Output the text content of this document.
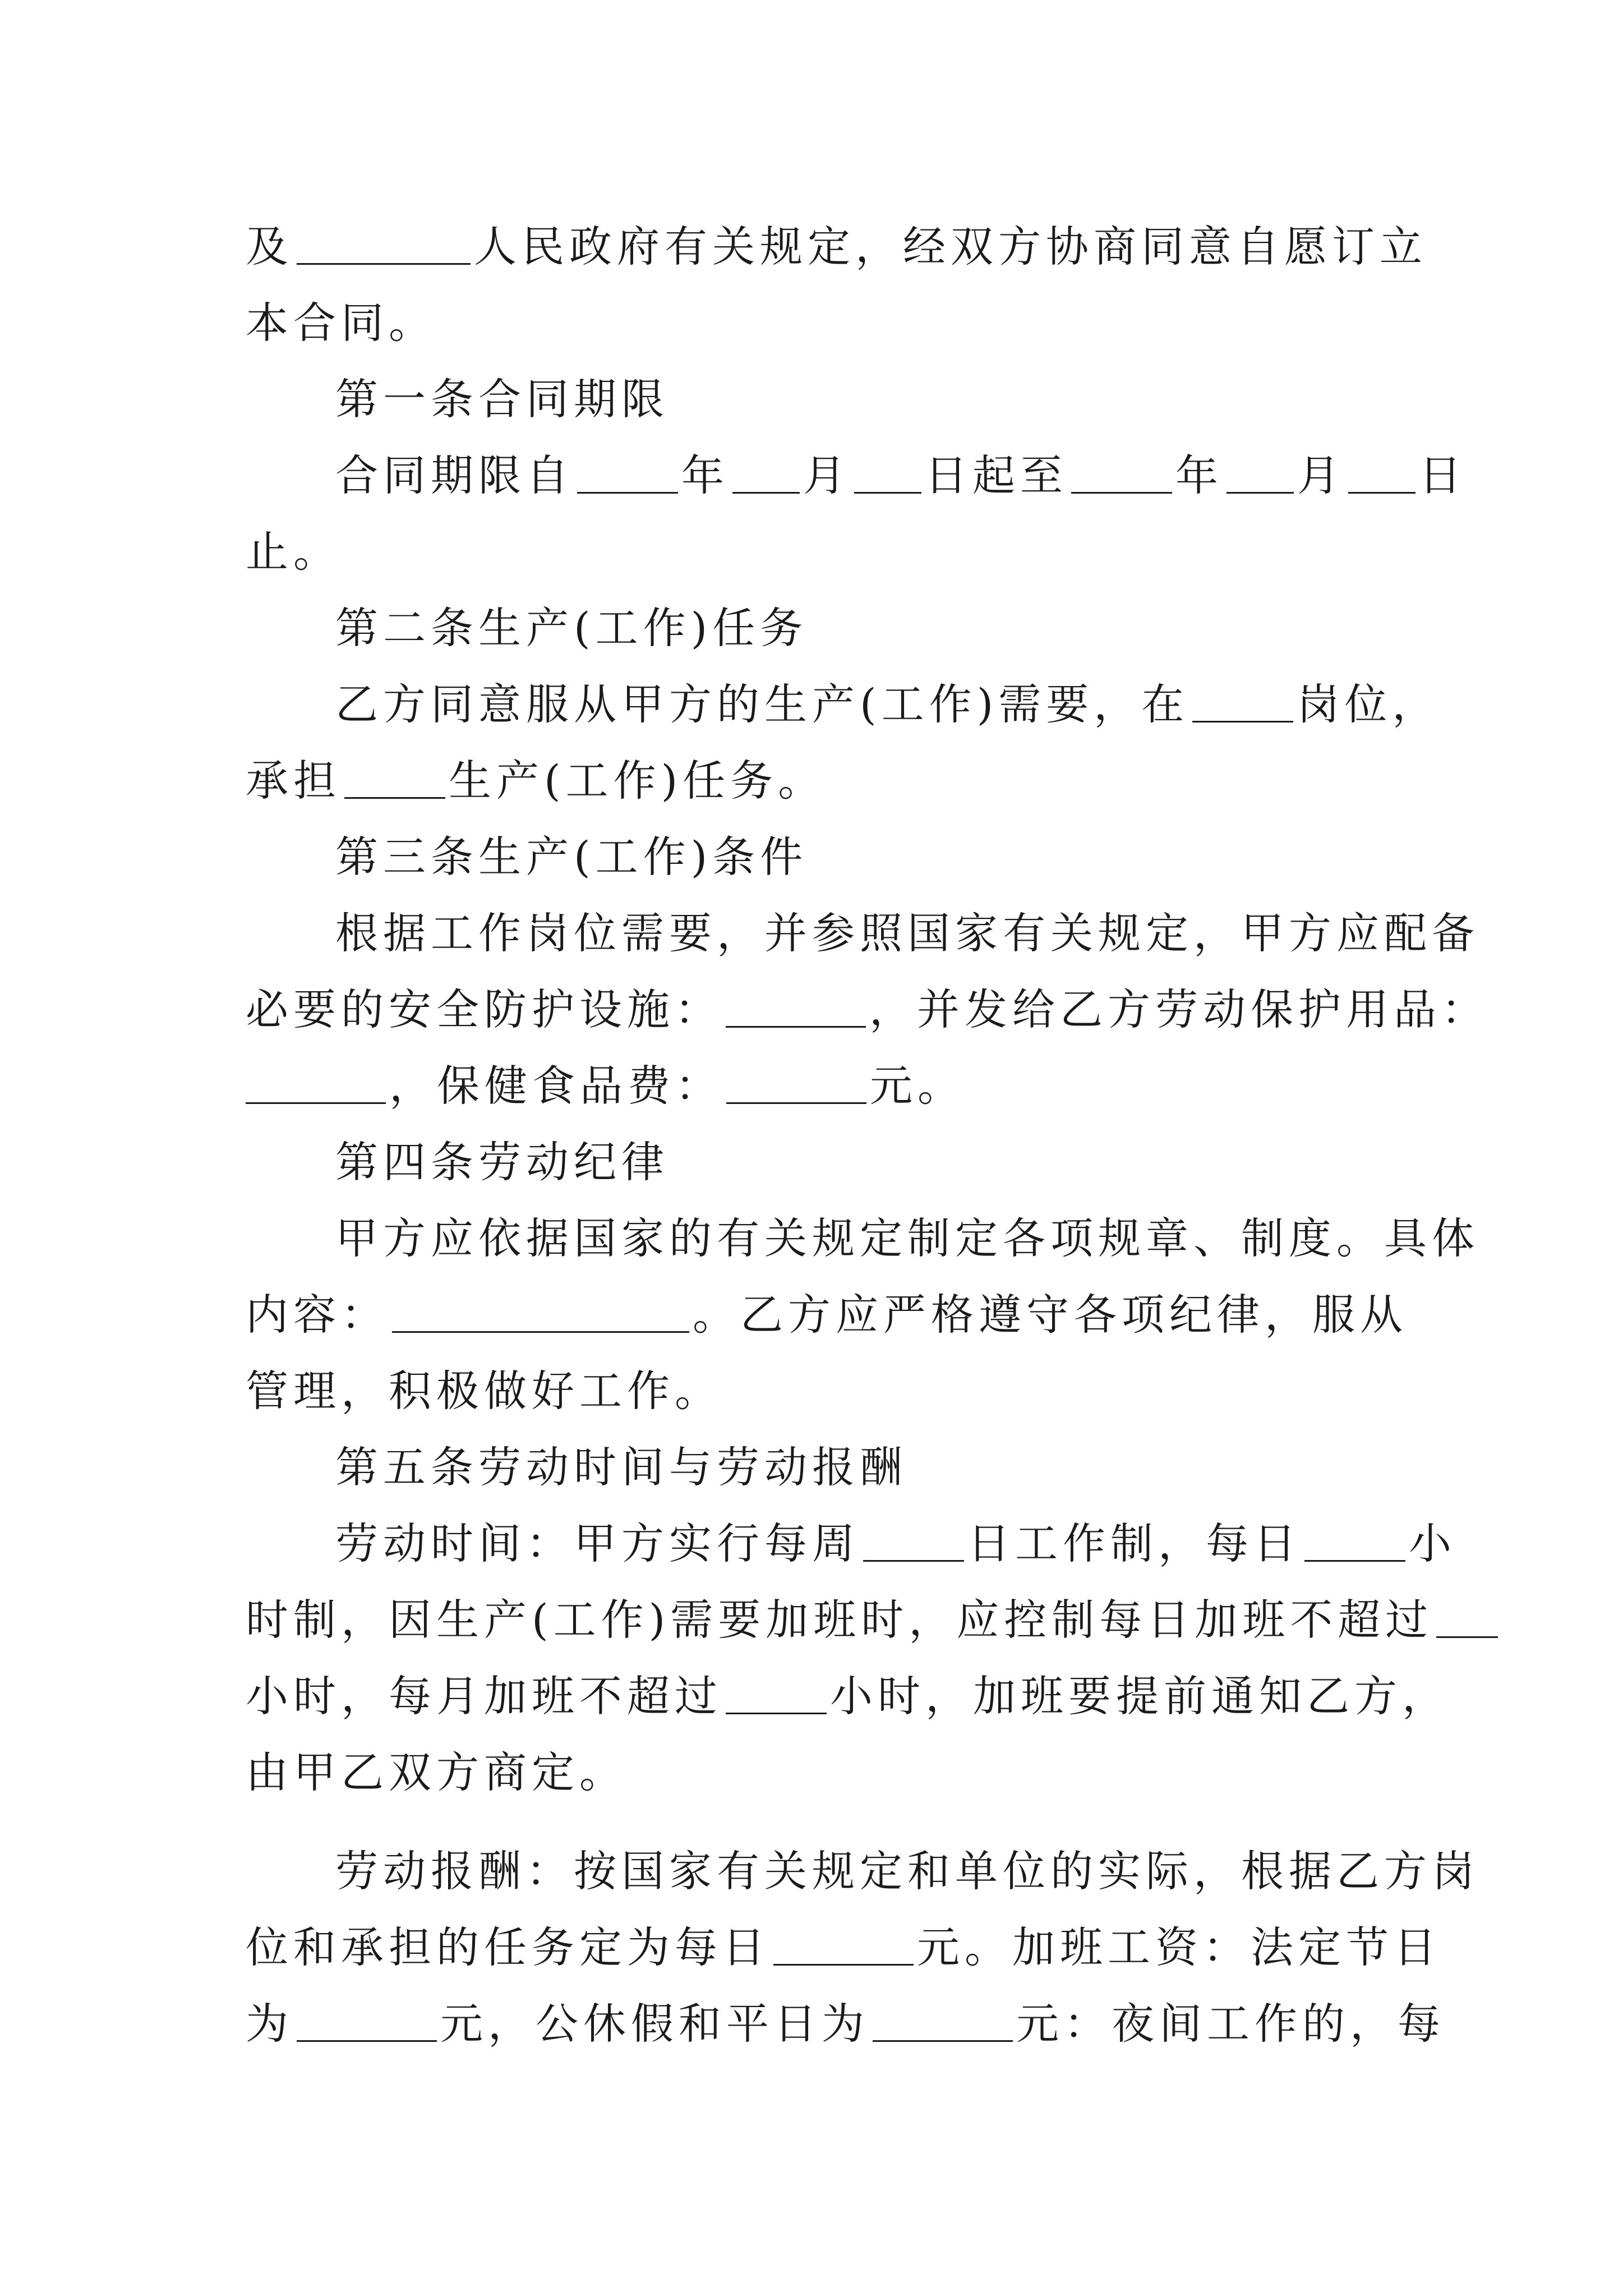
及	人民政府有关规定，经双方协商同意自愿订立
本合同。
第一条合同期限
合同期限自	年 月 日起至	年 月 日
止。
第二条生产(工作)任务
乙方同意服从甲方的生产(工作)需要，在	岗位，
承担	生产(工作)任务。
第三条生产(工作)条件
根据工作岗位需要，并参照国家有关规定，甲方应配备
必要的安全防护设施：	，并发给乙方劳动保护用品：
，保健食品费：	元。
第四条劳动纪律
甲方应依据国家的有关规定制定各项规章、制度。具体
内容：	。乙方应严格遵守各项纪律，服从
管理，积极做好工作。
第五条劳动时间与劳动报酬
劳动时间：甲方实行每周	日工作制，每日	小
时制，因生产(工作)需要加班时，应控制每日加班不超过
小时，每月加班不超过	小时，加班要提前通知乙方，
由甲乙双方商定。
劳动报酬：按国家有关规定和单位的实际，根据乙方岗
位和承担的任务定为每日	元。加班工资：法定节日
为	元，公休假和平日为	元：夜间工作的，每
